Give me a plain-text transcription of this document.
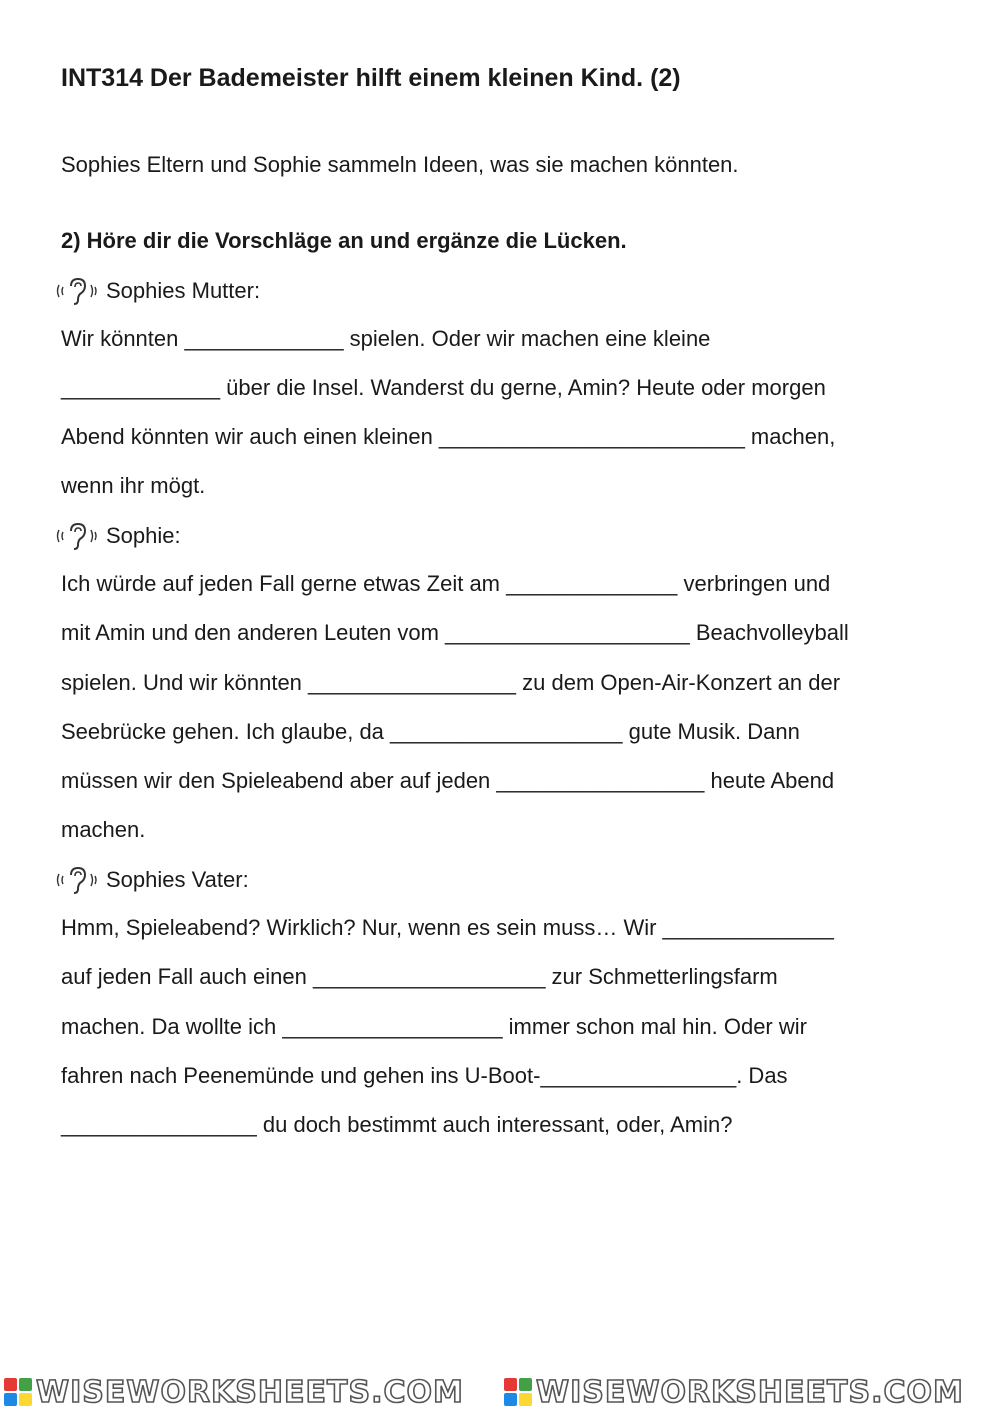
INT314 Der Bademeister hilft einem kleinen Kind. (2)
Sophies Eltern und Sophie sammeln Ideen, was sie machen könnten.
2) Höre dir die Vorschläge an und ergänze die Lücken.
Sophies Mutter:
Wir könnten _____________ spielen. Oder wir machen eine kleine
_____________ über die Insel. Wanderst du gerne, Amin? Heute oder morgen
Abend könnten wir auch einen kleinen _________________________ machen,
wenn ihr mögt.
Sophie:
Ich würde auf jeden Fall gerne etwas Zeit am ______________ verbringen und
mit Amin und den anderen Leuten vom ____________________ Beachvolleyball
spielen. Und wir könnten _________________ zu dem Open-Air-Konzert an der
Seebrücke gehen. Ich glaube, da ___________________ gute Musik. Dann
müssen wir den Spieleabend aber auf jeden _________________ heute Abend
machen.
Sophies Vater:
Hmm, Spieleabend? Wirklich? Nur, wenn es sein muss… Wir ______________
auf jeden Fall auch einen ___________________ zur Schmetterlingsfarm
machen. Da wollte ich __________________ immer schon mal hin. Oder wir
fahren nach Peenemünde und gehen ins U-Boot-________________. Das
________________ du doch bestimmt auch interessant, oder, Amin?
WISEWORKSHEETS.COM WISEWORKSHEETS.COM
